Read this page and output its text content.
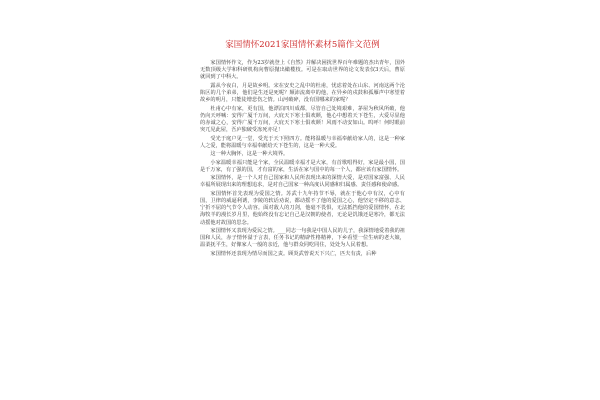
家国情怀2021家国情怀素材5篇作文范例

家国情怀作文，作为23岁就登上《自然》并解决困扰世界百年难题的杰出青年，国外无数顶级大学和科研机构向曹原抛出橄榄枝。可是在取动世界的论文发表仅3天后，曹原就回到了中科大。

露从今夜白，月是故乡明。宋在安史之乱中的杜甫，忧虑着处在山东、河南这两个沦陷区的几个弟弟，他们是生还是死呢？颠沛流离中的他，在异乡的戍鼓和孤雁声中寒望着故乡的明月，只能徒增悲伤之情。山河破碎，没有国哪来的家呢？

杜甫心中有家，更有国，他漂泊四川成都，尽管自己处境艰难，茅屋为秋风所破，他仍向天呼喊：安得广厦千万间，大庇天下寒士俱欢颜，他心中想着天下苍生，大爱尽显他的赤诚之心，安得广厦千万间，大庇天下寒士俱欢颜！风雨不动安如山。呜呼！何时眼前突兀见此屋，吾庐独破受冻死亦足！

受光于庭户见一堂，受光于天下照四方。能将温暖与幸福奉献给家人的，这是一种家人之爱，能将温暖与幸福奉献给天下苍生的，这是一种大爱。

这一种大胸怀，这是一种大境界。

小家温暖幸福只能是个家，全民温暖幸福才是大家，有首歌唱得好，家是最小国，国是千万家，有了强的国，才有富的家，生活在家与国中的每一个人，都应该有家国情怀。

家国情怀，是一个人对自己国家和人民所表现出来的深情大爱，是对国家富强、人民幸福所展现出来的理想追求，是对自己国家一种高度认同感和归属感、责任感和使命感。

家国情怀首先表现为爱国之情。苏武十九年持节不辱，就在于他心中有汉，心中有国，卫律的威逼利诱，李陵的软话劝说，都动摇不了他的爱国之心，他坚定不移的意志、宁折不屈的气节令人动容。面对敌人的刀剑，他毫不畏惧，无法抵挡他的爱国情怀，在北海牧羊的漫长岁月里，他始终没有忘记自己是汉朝的使者，无论是饥饿还是寒冷，都无法动摇他对故国的思念。

家国情怀又表现为爱民之情。___同志一句我是中国人民的儿子，我深情地爱着我的祖国和人民，赤子情怀溢于言表，任务书记的精辟性格精神，下乡看望一位生病的老大娘，温柔抚平生，好像家人一般的亲近，他与群众同吃同住，处处为人民着想。

家国情怀还表现为情尽而国之责。顾炎武曾说天下兴亡，匹夫有责，后种
